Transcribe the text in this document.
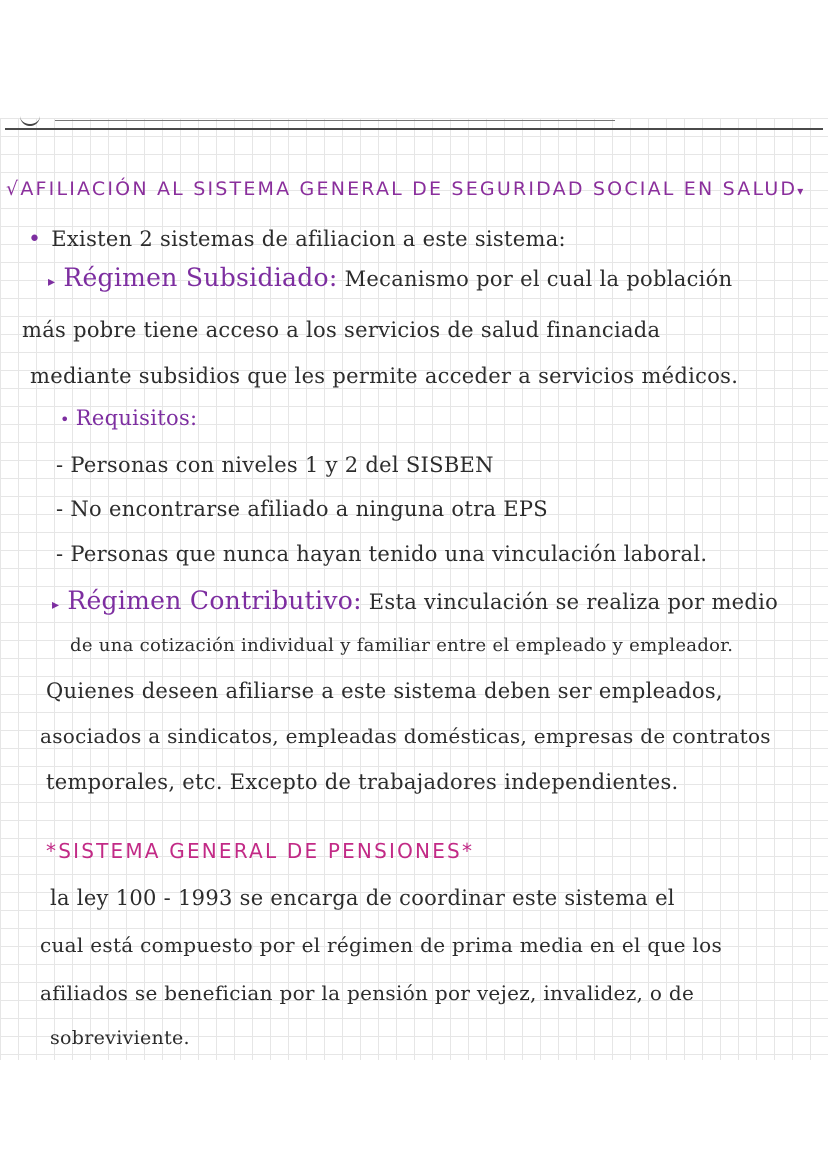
√AFILIACIÓN AL SISTEMA GENERAL DE SEGURIDAD SOCIAL EN SALUD▾

• Existen 2 sistemas de afiliacion a este sistema:

▸ Régimen Subsidiado: Mecanismo por el cual la población

más pobre tiene acceso a los servicios de salud financiada

mediante subsidios que les permite acceder a servicios médicos.

• Requisitos:

- Personas con niveles 1 y 2 del SISBEN

- No encontrarse afiliado a ninguna otra EPS

- Personas que nunca hayan tenido una vinculación laboral.

▸ Régimen Contributivo: Esta vinculación se realiza por medio

de una cotización individual y familiar entre el empleado y empleador.

Quienes deseen afiliarse a este sistema deben ser empleados,

asociados a sindicatos, empleadas domésticas, empresas de contratos

temporales, etc. Excepto de trabajadores independientes.

*SISTEMA GENERAL DE PENSIONES*

la ley 100 - 1993 se encarga de coordinar este sistema el

cual está compuesto por el régimen de prima media en el que los

afiliados se benefician por la pensión por vejez, invalidez, o de

sobreviviente.
